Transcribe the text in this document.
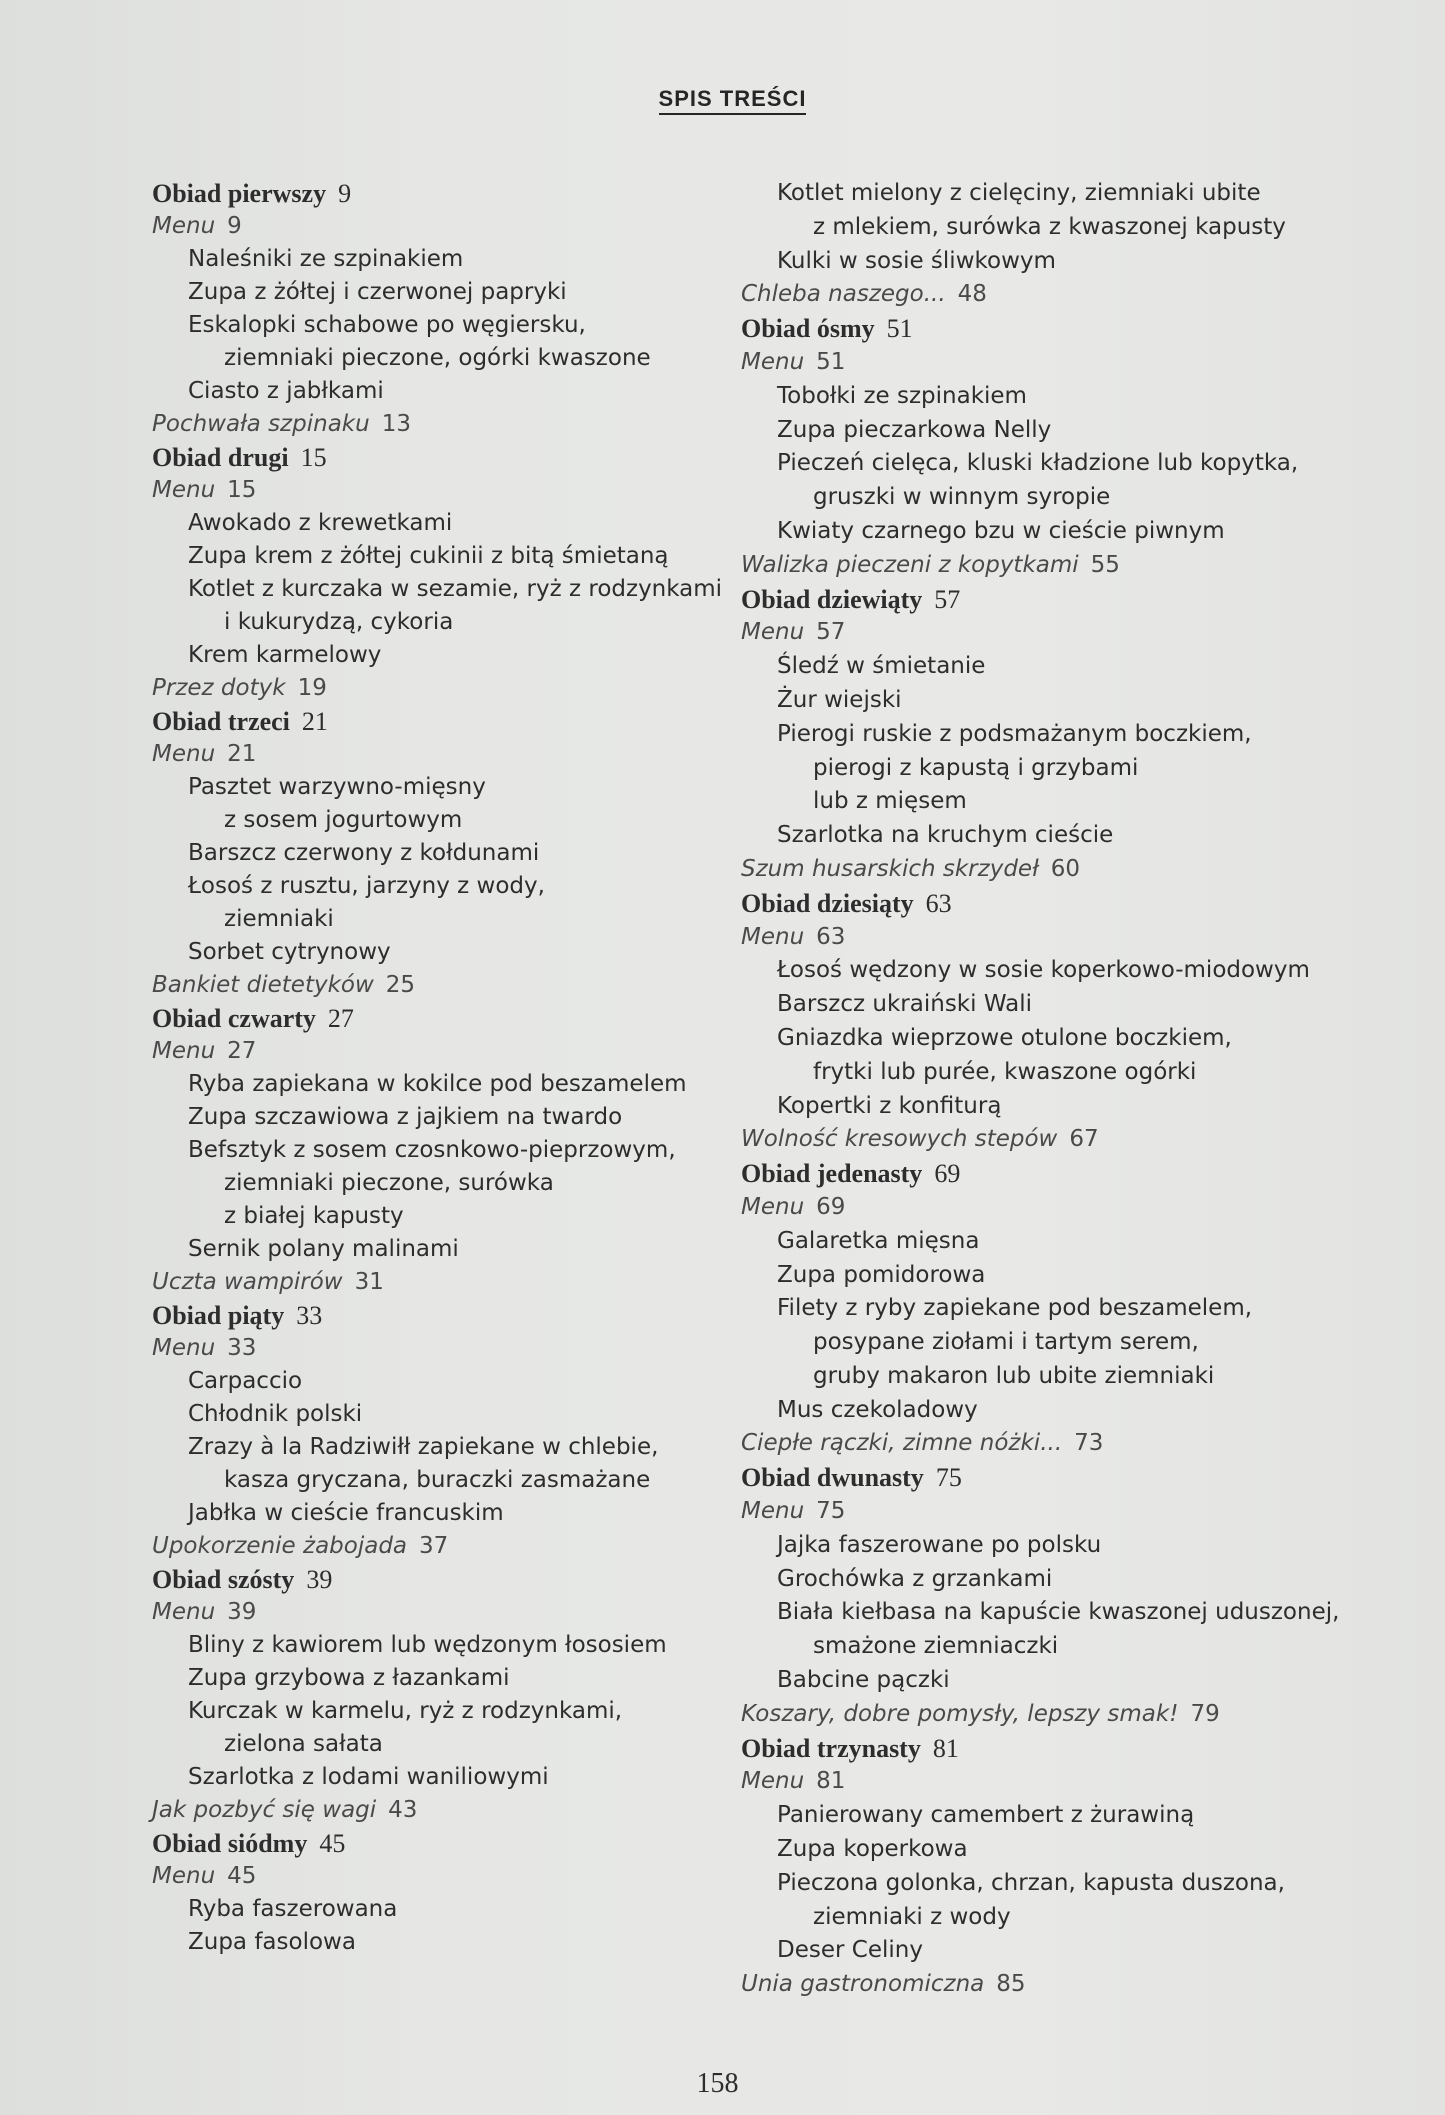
SPIS TREŚCI
Obiad pierwszy 9
Menu 9
Naleśniki ze szpinakiem
Zupa z żółtej i czerwonej papryki
Eskalopki schabowe po węgiersku,
ziemniaki pieczone, ogórki kwaszone
Ciasto z jabłkami
Pochwała szpinaku 13
Obiad drugi 15
Menu 15
Awokado z krewetkami
Zupa krem z żółtej cukinii z bitą śmietaną
Kotlet z kurczaka w sezamie, ryż z rodzynkami
i kukurydzą, cykoria
Krem karmelowy
Przez dotyk 19
Obiad trzeci 21
Menu 21
Pasztet warzywno-mięsny
z sosem jogurtowym
Barszcz czerwony z kołdunami
Łosoś z rusztu, jarzyny z wody,
ziemniaki
Sorbet cytrynowy
Bankiet dietetyków 25
Obiad czwarty 27
Menu 27
Ryba zapiekana w kokilce pod beszamelem
Zupa szczawiowa z jajkiem na twardo
Befsztyk z sosem czosnkowo-pieprzowym,
ziemniaki pieczone, surówka
z białej kapusty
Sernik polany malinami
Uczta wampirów 31
Obiad piąty 33
Menu 33
Carpaccio
Chłodnik polski
Zrazy à la Radziwiłł zapiekane w chlebie,
kasza gryczana, buraczki zasmażane
Jabłka w cieście francuskim
Upokorzenie żabojada 37
Obiad szósty 39
Menu 39
Bliny z kawiorem lub wędzonym łososiem
Zupa grzybowa z łazankami
Kurczak w karmelu, ryż z rodzynkami,
zielona sałata
Szarlotka z lodami waniliowymi
Jak pozbyć się wagi 43
Obiad siódmy 45
Menu 45
Ryba faszerowana
Zupa fasolowa
Kotlet mielony z cielęciny, ziemniaki ubite
z mlekiem, surówka z kwaszonej kapusty
Kulki w sosie śliwkowym
Chleba naszego... 48
Obiad ósmy 51
Menu 51
Tobołki ze szpinakiem
Zupa pieczarkowa Nelly
Pieczeń cielęca, kluski kładzione lub kopytka,
gruszki w winnym syropie
Kwiaty czarnego bzu w cieście piwnym
Walizka pieczeni z kopytkami 55
Obiad dziewiąty 57
Menu 57
Śledź w śmietanie
Żur wiejski
Pierogi ruskie z podsmażanym boczkiem,
pierogi z kapustą i grzybami
lub z mięsem
Szarlotka na kruchym cieście
Szum husarskich skrzydeł 60
Obiad dziesiąty 63
Menu 63
Łosoś wędzony w sosie koperkowo-miodowym
Barszcz ukraiński Wali
Gniazdka wieprzowe otulone boczkiem,
frytki lub purée, kwaszone ogórki
Kopertki z konfiturą
Wolność kresowych stepów 67
Obiad jedenasty 69
Menu 69
Galaretka mięsna
Zupa pomidorowa
Filety z ryby zapiekane pod beszamelem,
posypane ziołami i tartym serem,
gruby makaron lub ubite ziemniaki
Mus czekoladowy
Ciepłe rączki, zimne nóżki... 73
Obiad dwunasty 75
Menu 75
Jajka faszerowane po polsku
Grochówka z grzankami
Biała kiełbasa na kapuście kwaszonej uduszonej,
smażone ziemniaczki
Babcine pączki
Koszary, dobre pomysły, lepszy smak! 79
Obiad trzynasty 81
Menu 81
Panierowany camembert z żurawiną
Zupa koperkowa
Pieczona golonka, chrzan, kapusta duszona,
ziemniaki z wody
Deser Celiny
Unia gastronomiczna 85
158
